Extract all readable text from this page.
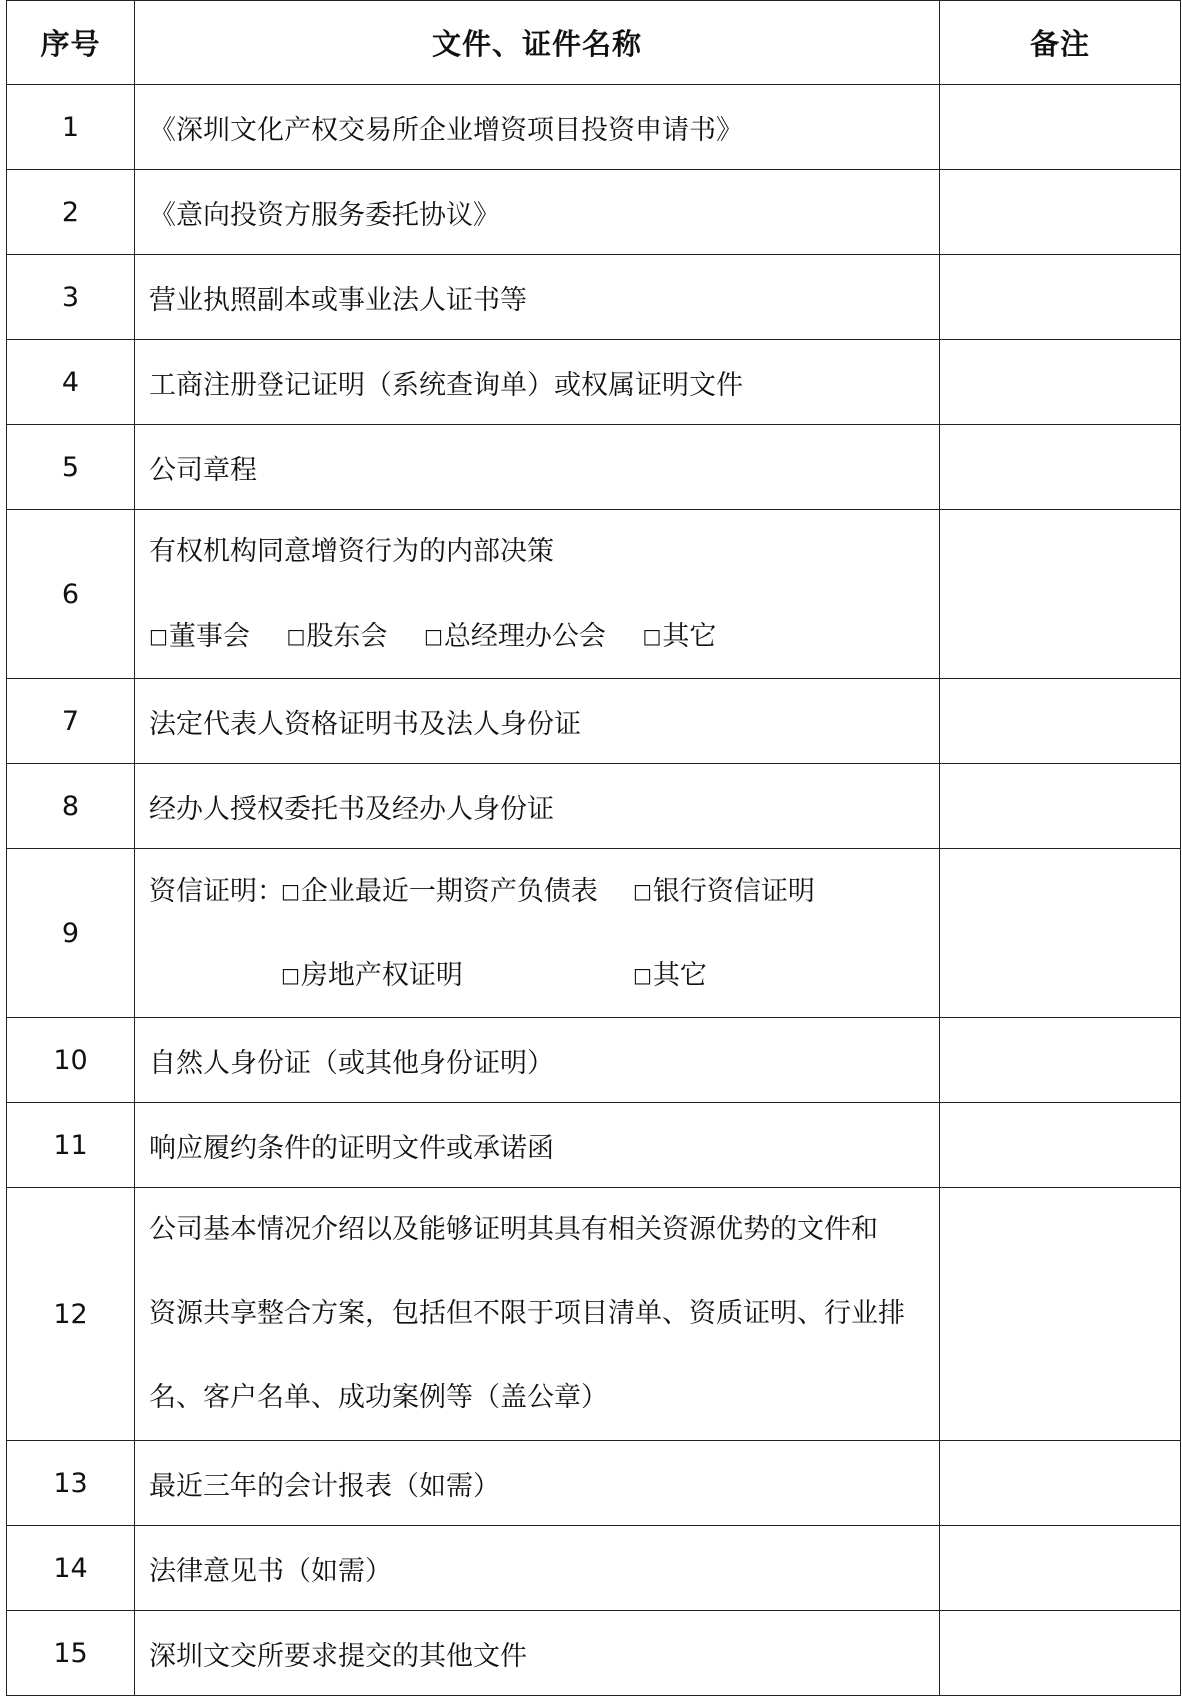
序号	文件、证件名称	备注
1	《深圳文化产权交易所企业增资项目投资申请书》	
2	《意向投资方服务委托协议》	
3	营业执照副本或事业法人证书等	
4	工商注册登记证明（系统查询单）或权属证明文件	
5	公司章程	
6	有权机构同意增资行为的内部决策
□董事会 □股东会 □总经理办公会 □其它	

7	法定代表人资格证明书及法人身份证	
8	经办人授权委托书及经办人身份证	
9	资信证明：□企业最近一期资产负债表 □银行资信证明
□房地产权证明 □其它	

10	自然人身份证（或其他身份证明）	
11	响应履约条件的证明文件或承诺函	
12	公司基本情况介绍以及能够证明其具有相关资源优势的文件和
资源共享整合方案，包括但不限于项目清单、资质证明、行业排
名、客户名单、成功案例等（盖公章）	

13	最近三年的会计报表（如需）	
14	法律意见书（如需）	
15	深圳文交所要求提交的其他文件	
